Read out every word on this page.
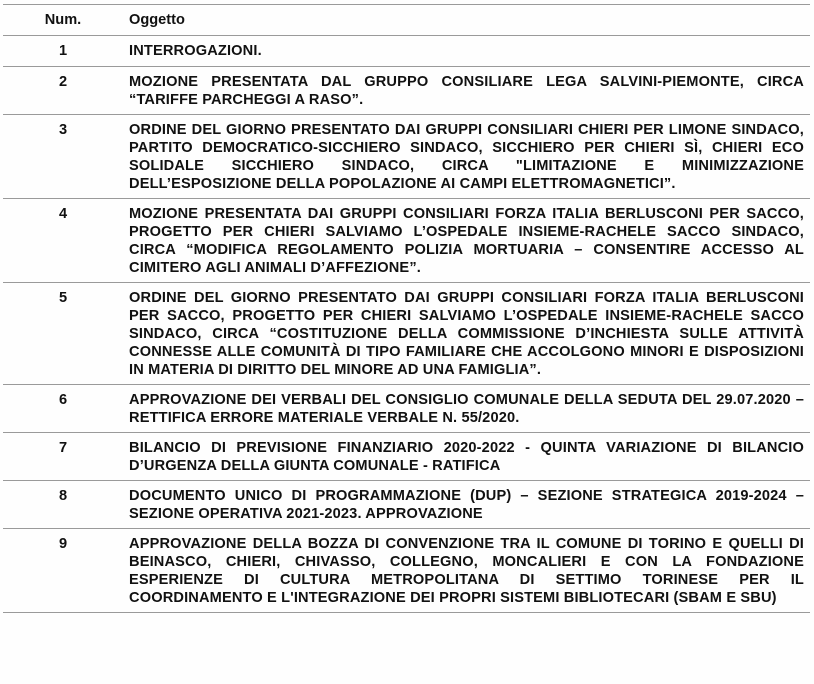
Num.	Oggetto
1	INTERROGAZIONI.
2	MOZIONE PRESENTATA DAL GRUPPO CONSILIARE LEGA SALVINI-PIEMONTE, CIRCA “TARIFFE PARCHEGGI A RASO”.
3	ORDINE DEL GIORNO PRESENTATO DAI GRUPPI CONSILIARI CHIERI PER LIMONE SINDACO, PARTITO DEMOCRATICO-SICCHIERO SINDACO, SICCHIERO PER CHIERI SÌ, CHIERI ECO SOLIDALE SICCHIERO SINDACO, CIRCA "LIMITAZIONE E MINIMIZZAZIONE DELL’ESPOSIZIONE DELLA POPOLAZIONE AI CAMPI ELETTROMAGNETICI”.
4	MOZIONE PRESENTATA DAI GRUPPI CONSILIARI FORZA ITALIA BERLUSCONI PER SACCO, PROGETTO PER CHIERI SALVIAMO L’OSPEDALE INSIEME-RACHELE SACCO SINDACO, CIRCA “MODIFICA REGOLAMENTO POLIZIA MORTUARIA – CONSENTIRE ACCESSO AL CIMITERO AGLI ANIMALI D’AFFEZIONE”.
5	ORDINE DEL GIORNO PRESENTATO DAI GRUPPI CONSILIARI FORZA ITALIA BERLUSCONI PER SACCO, PROGETTO PER CHIERI SALVIAMO L’OSPEDALE INSIEME-RACHELE SACCO SINDACO, CIRCA “COSTITUZIONE DELLA COMMISSIONE D’INCHIESTA SULLE ATTIVITÀ CONNESSE ALLE COMUNITÀ DI TIPO FAMILIARE CHE ACCOLGONO MINORI E DISPOSIZIONI IN MATERIA DI DIRITTO DEL MINORE AD UNA FAMIGLIA”.
6	APPROVAZIONE DEI VERBALI DEL CONSIGLIO COMUNALE DELLA SEDUTA DEL 29.07.2020 – RETTIFICA ERRORE MATERIALE VERBALE N. 55/2020.
7	BILANCIO DI PREVISIONE FINANZIARIO 2020-2022 - QUINTA VARIAZIONE DI BILANCIO D’URGENZA DELLA GIUNTA COMUNALE - RATIFICA
8	DOCUMENTO UNICO DI PROGRAMMAZIONE (DUP) – SEZIONE STRATEGICA 2019-2024 – SEZIONE OPERATIVA 2021-2023. APPROVAZIONE
9	APPROVAZIONE DELLA BOZZA DI CONVENZIONE TRA IL COMUNE DI TORINO E QUELLI DI BEINASCO, CHIERI, CHIVASSO, COLLEGNO, MONCALIERI E CON LA FONDAZIONE ESPERIENZE DI CULTURA METROPOLITANA DI SETTIMO TORINESE PER IL COORDINAMENTO E L'INTEGRAZIONE DEI PROPRI SISTEMI BIBLIOTECARI (SBAM E SBU)
